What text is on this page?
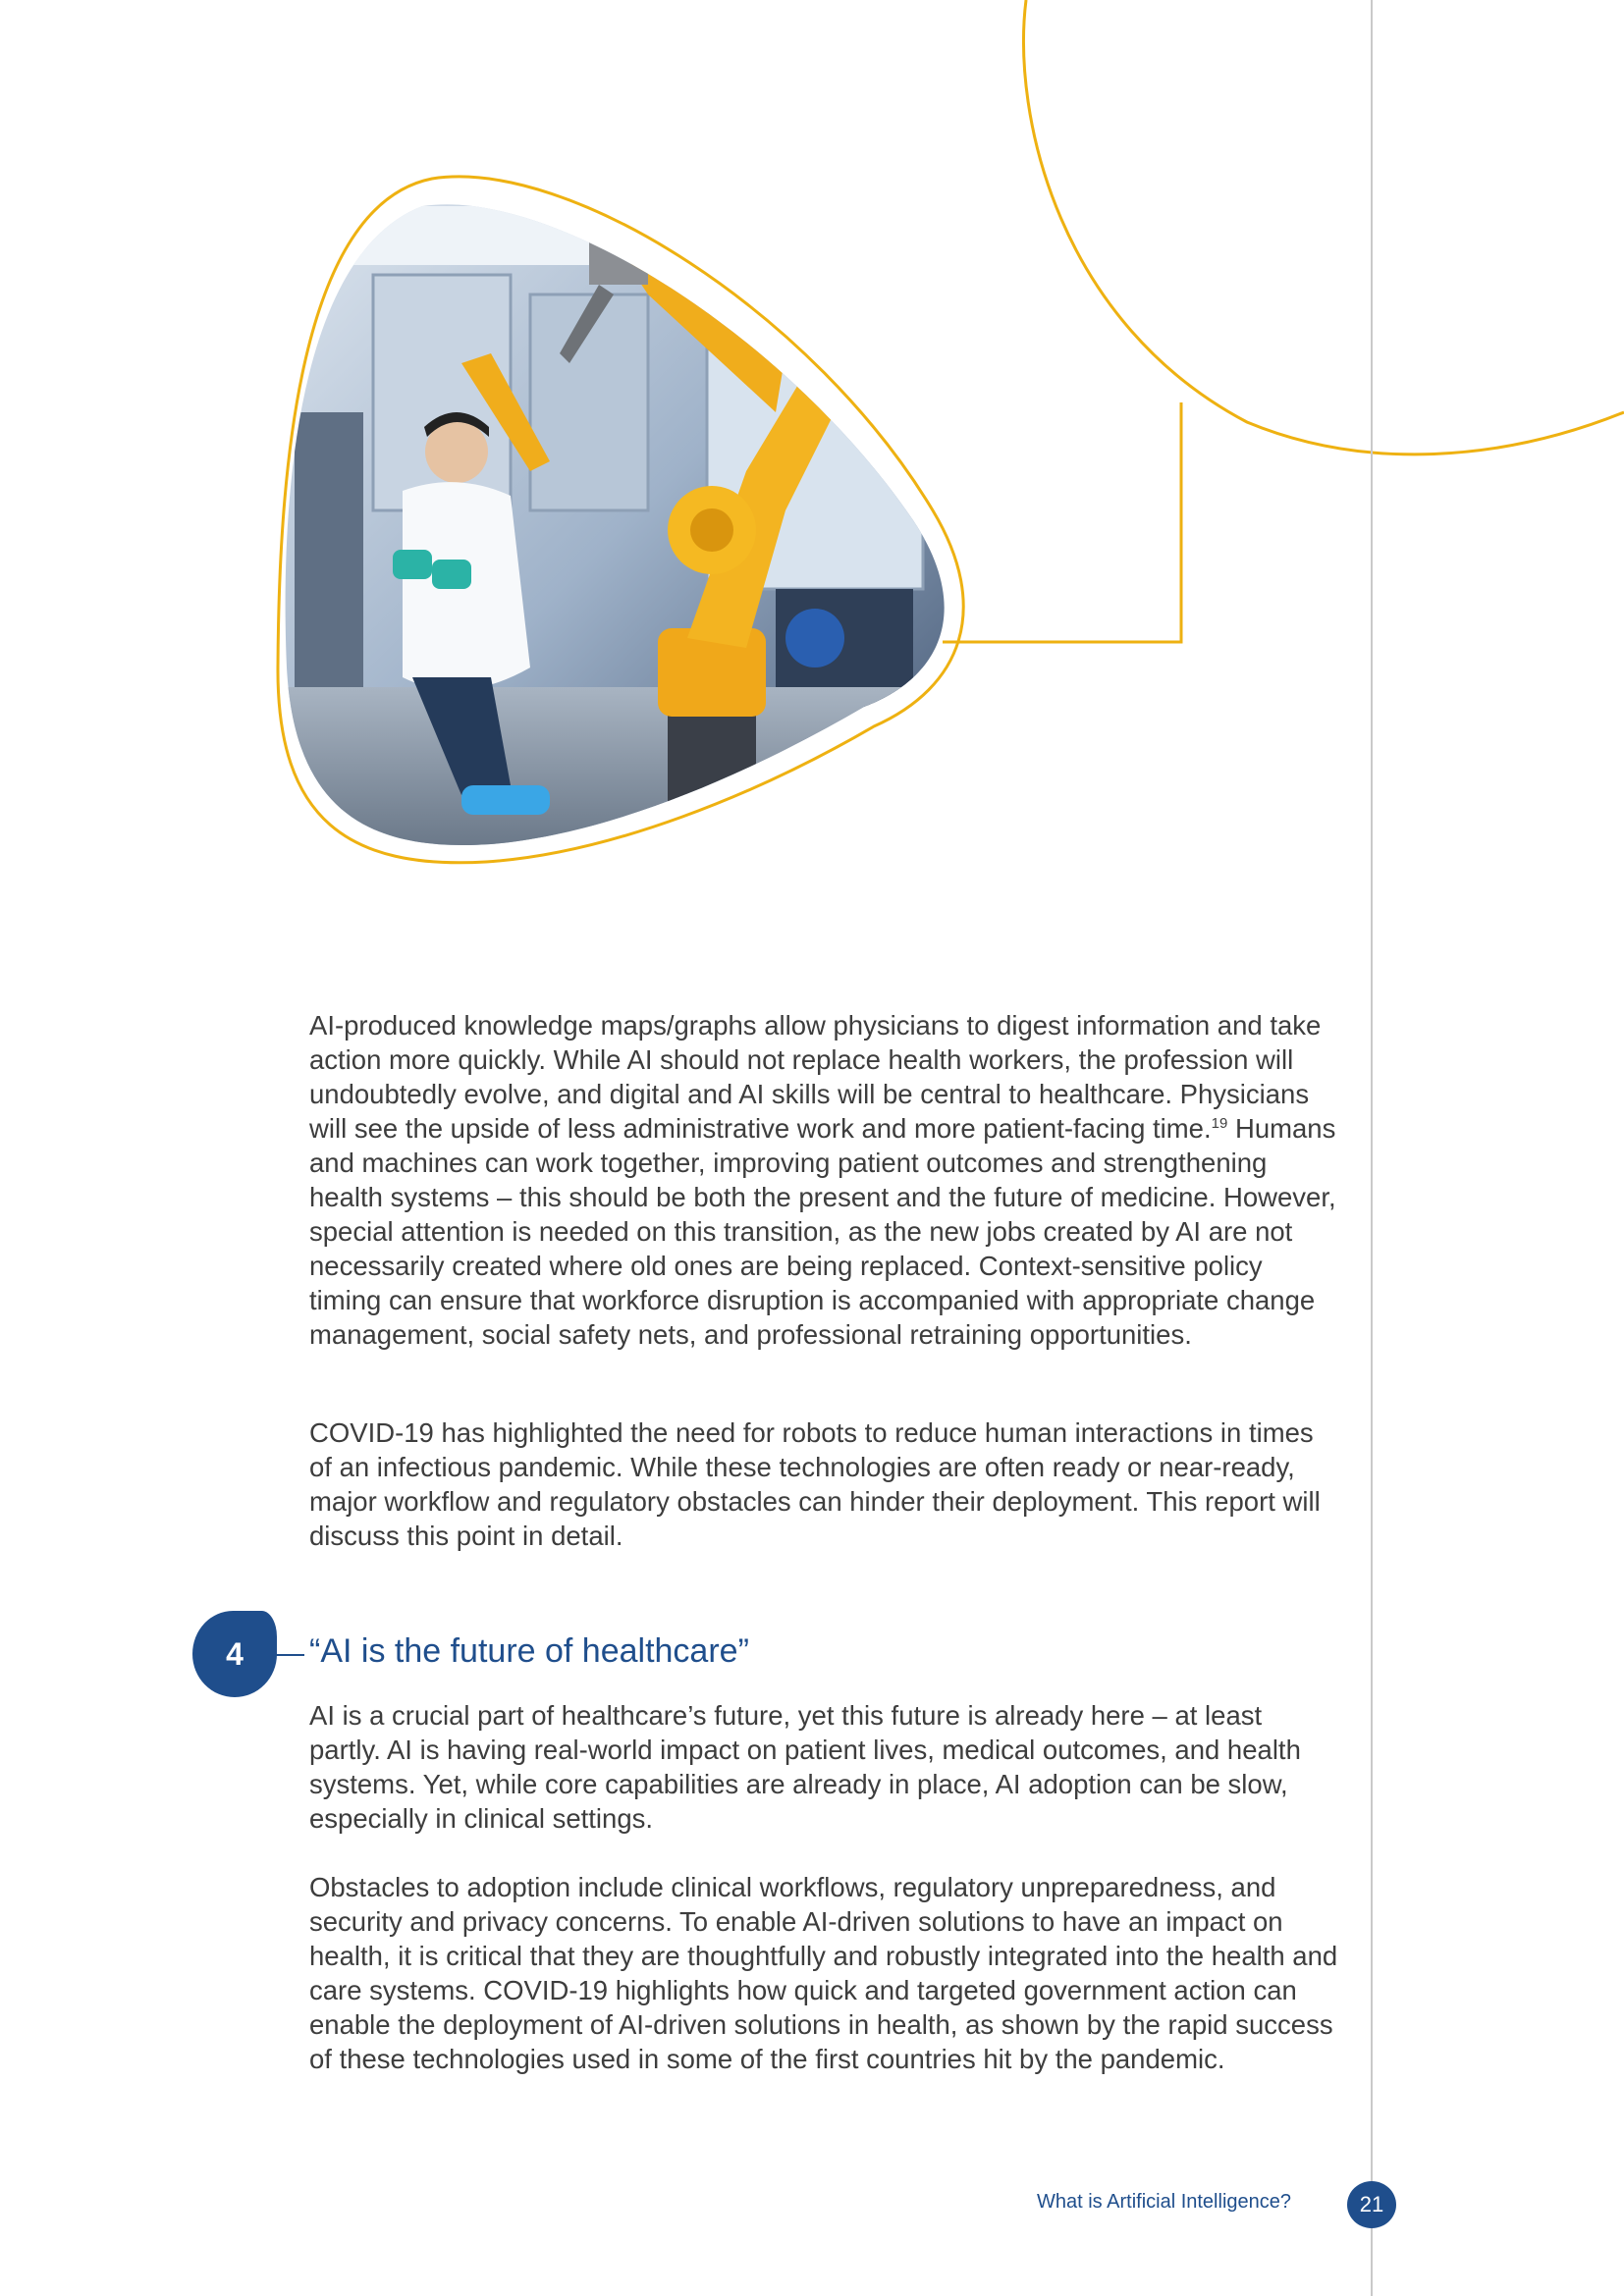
AI-produced knowledge maps/graphs allow physicians to digest information and take action more quickly. While AI should not replace health workers, the profession will undoubtedly evolve, and digital and AI skills will be central to healthcare. Physicians will see the upside of less administrative work and more patient-facing time.$^{19}$ Humans and machines can work together, improving patient outcomes and strengthening health systems – this should be both the present and the future of medicine. However, special attention is needed on this transition, as the new jobs created by AI are not necessarily created where old ones are being replaced. Context-sensitive policy timing can ensure that workforce disruption is accompanied with appropriate change management, social safety nets, and professional retraining opportunities.

COVID-19 has highlighted the need for robots to reduce human interactions in times of an infectious pandemic. While these technologies are often ready or near-ready, major workflow and regulatory obstacles can hinder their deployment. This report will discuss this point in detail.

4	“AI is the future of healthcare”

AI is a crucial part of healthcare’s future, yet this future is already here – at least partly. AI is having real-world impact on patient lives, medical outcomes, and health systems. Yet, while core capabilities are already in place, AI adoption can be slow, especially in clinical settings.

Obstacles to adoption include clinical workflows, regulatory unpreparedness, and security and privacy concerns. To enable AI-driven solutions to have an impact on health, it is critical that they are thoughtfully and robustly integrated into the health and care systems. COVID-19 highlights how quick and targeted government action can enable the deployment of AI-driven solutions in health, as shown by the rapid success of these technologies used in some of the first countries hit by the pandemic.

What is Artificial Intelligence?	21
